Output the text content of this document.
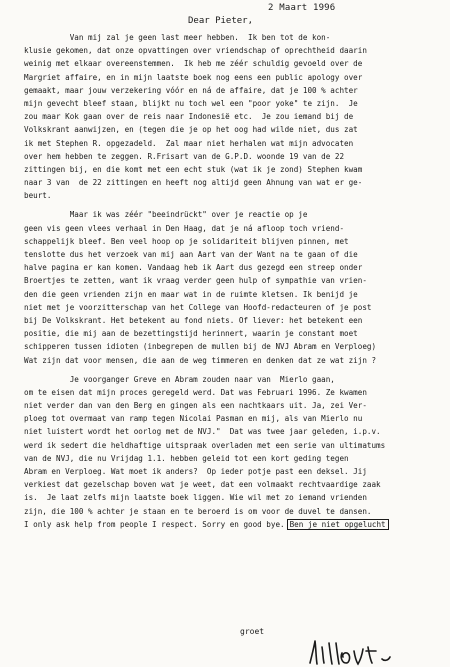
2 Maart 1996
Dear Pieter,
Van mij zal je geen last meer hebben.  Ik ben tot de kon-
klusie gekomen, dat onze opvattingen over vriendschap of oprechtheid daarin
weinig met elkaar overeenstemmen.  Ik heb me zéér schuldig gevoeld over de
Margriet affaire, en in mijn laatste boek nog eens een public apology over
gemaakt, maar jouw verzekering vóór en ná de affaire, dat je 100 % achter
mijn gevecht bleef staan, blijkt nu toch wel een "poor yoke" te zijn.  Je
zou maar Kok gaan over de reis naar Indonesië etc.  Je zou iemand bij de
Volkskrant aanwijzen, en (tegen die je op het oog had wilde niet, dus zat
ik met Stephen R. opgezadeld.  Zal maar niet herhalen wat mijn advocaten
over hem hebben te zeggen. R.Frisart van de G.P.D. woonde 19 van de 22
zittingen bij, en die komt met een echt stuk (wat ik je zond) Stephen kwam
naar 3 van  de 22 zittingen en heeft nog altijd geen Ahnung van wat er ge-
beurt.
Maar ik was zéér "beeindrückt" over je reactie op je
geen vis geen vlees verhaal in Den Haag, dat je ná afloop toch vriend-
schappelijk bleef. Ben veel hoop op je solidariteit blijven pinnen, met
tenslotte dus het verzoek van mij aan Aart van der Want na te gaan of die
halve pagina er kan komen. Vandaag heb ik Aart dus gezegd een streep onder
Broertjes te zetten, want ik vraag verder geen hulp of sympathie van vrien-
den die geen vrienden zijn en maar wat in de ruimte kletsen. Ik benijd je
niet met je voorzitterschap van het College van Hoofd-redacteuren of je post
bij De Volkskrant. Het betekent au fond niets. Of liever: het betekent een
positie, die mij aan de bezettingstijd herinnert, waarin je constant moet
schipperen tussen idioten (inbegrepen de mullen bij de NVJ Abram en Verploeg)
Wat zijn dat voor mensen, die aan de weg timmeren en denken dat ze wat zijn ?
Je voorganger Greve en Abram zouden naar van  Mierlo gaan,
om te eisen dat mijn proces geregeld werd. Dat was Februari 1996. Ze kwamen
niet verder dan van den Berg en gingen als een nachtkaars uit. Ja, zei Ver-
ploeg tot overmaat van ramp tegen Nicolai Pasman en mij, als van Mierlo nu
niet luistert wordt het oorlog met de NVJ."  Dat was twee jaar geleden, i.p.v.
werd ik sedert die heldhaftige uitspraak overladen met een serie van ultimatums
van de NVJ, die nu Vrijdag 1.1. hebben geleid tot een kort geding tegen
Abram en Verploeg. Wat moet ik anders?  Op ieder potje past een deksel. Jij
verkiest dat gezelschap boven wat je weet, dat een volmaakt rechtvaardige zaak
is.  Je laat zelfs mijn laatste boek liggen. Wie wil met zo iemand vrienden
zijn, die 100 % achter je staan en te beroerd is om voor de duvel te dansen.
I only ask help from people I respect. Sorry en good bye. Ben je niet opgelucht
groet
